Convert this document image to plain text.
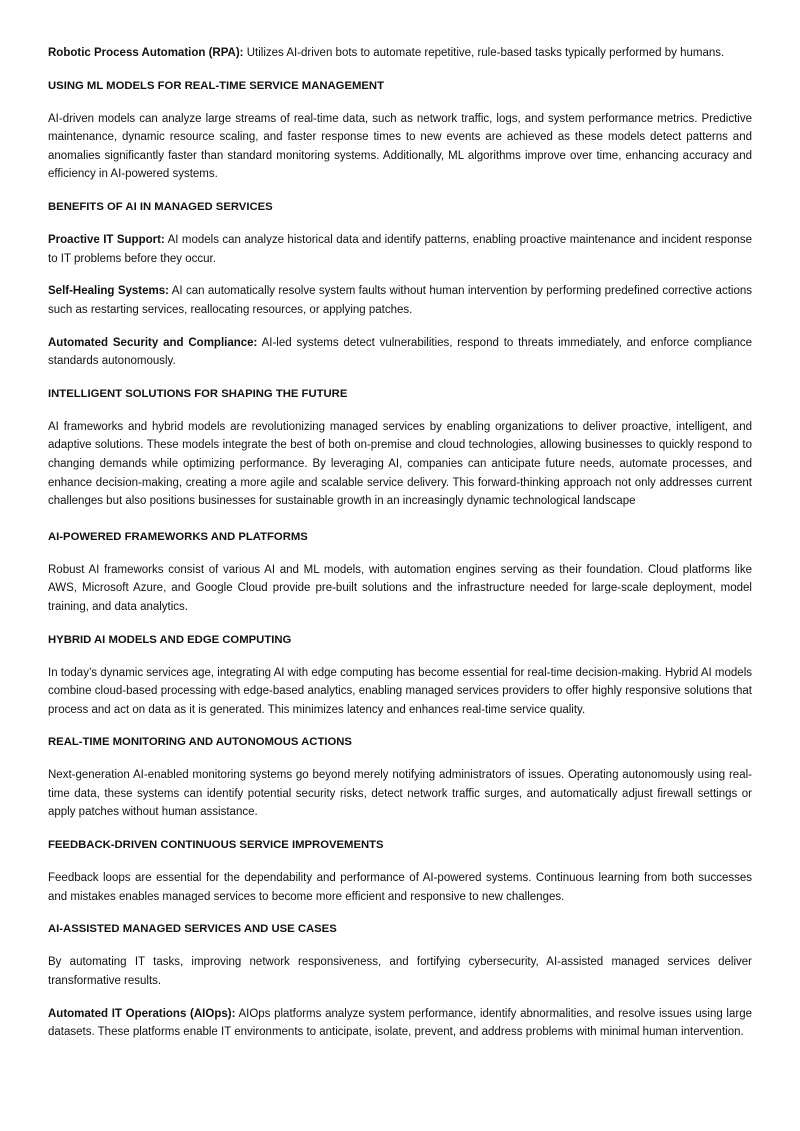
Robotic Process Automation (RPA): Utilizes AI-driven bots to automate repetitive, rule-based tasks typically performed by humans.

USING ML MODELS FOR REAL-TIME SERVICE MANAGEMENT

AI-driven models can analyze large streams of real-time data, such as network traffic, logs, and system performance metrics. Predictive maintenance, dynamic resource scaling, and faster response times to new events are achieved as these models detect patterns and anomalies significantly faster than standard monitoring systems. Additionally, ML algorithms improve over time, enhancing accuracy and efficiency in AI-powered systems.

BENEFITS OF AI IN MANAGED SERVICES

Proactive IT Support: AI models can analyze historical data and identify patterns, enabling proactive maintenance and incident response to IT problems before they occur.

Self-Healing Systems: AI can automatically resolve system faults without human intervention by performing predefined corrective actions such as restarting services, reallocating resources, or applying patches.

Automated Security and Compliance: AI-led systems detect vulnerabilities, respond to threats immediately, and enforce compliance standards autonomously.

INTELLIGENT SOLUTIONS FOR SHAPING THE FUTURE

AI frameworks and hybrid models are revolutionizing managed services by enabling organizations to deliver proactive, intelligent, and adaptive solutions. These models integrate the best of both on-premise and cloud technologies, allowing businesses to quickly respond to changing demands while optimizing performance. By leveraging AI, companies can anticipate future needs, automate processes, and enhance decision-making, creating a more agile and scalable service delivery. This forward-thinking approach not only addresses current challenges but also positions businesses for sustainable growth in an increasingly dynamic technological landscape

AI-POWERED FRAMEWORKS AND PLATFORMS

Robust AI frameworks consist of various AI and ML models, with automation engines serving as their foundation. Cloud platforms like AWS, Microsoft Azure, and Google Cloud provide pre-built solutions and the infrastructure needed for large-scale deployment, model training, and data analytics.

HYBRID AI MODELS AND EDGE COMPUTING

In today’s dynamic services age, integrating AI with edge computing has become essential for real-time decision-making. Hybrid AI models combine cloud-based processing with edge-based analytics, enabling managed services providers to offer highly responsive solutions that process and act on data as it is generated. This minimizes latency and enhances real-time service quality.

REAL-TIME MONITORING AND AUTONOMOUS ACTIONS

Next-generation AI-enabled monitoring systems go beyond merely notifying administrators of issues. Operating autonomously using real-time data, these systems can identify potential security risks, detect network traffic surges, and automatically adjust firewall settings or apply patches without human assistance.

FEEDBACK-DRIVEN CONTINUOUS SERVICE IMPROVEMENTS

Feedback loops are essential for the dependability and performance of AI-powered systems. Continuous learning from both successes and mistakes enables managed services to become more efficient and responsive to new challenges.

AI-ASSISTED MANAGED SERVICES AND USE CASES

By automating IT tasks, improving network responsiveness, and fortifying cybersecurity, AI-assisted managed services deliver transformative results.

Automated IT Operations (AIOps): AIOps platforms analyze system performance, identify abnormalities, and resolve issues using large datasets. These platforms enable IT environments to anticipate, isolate, prevent, and address problems with minimal human intervention.
